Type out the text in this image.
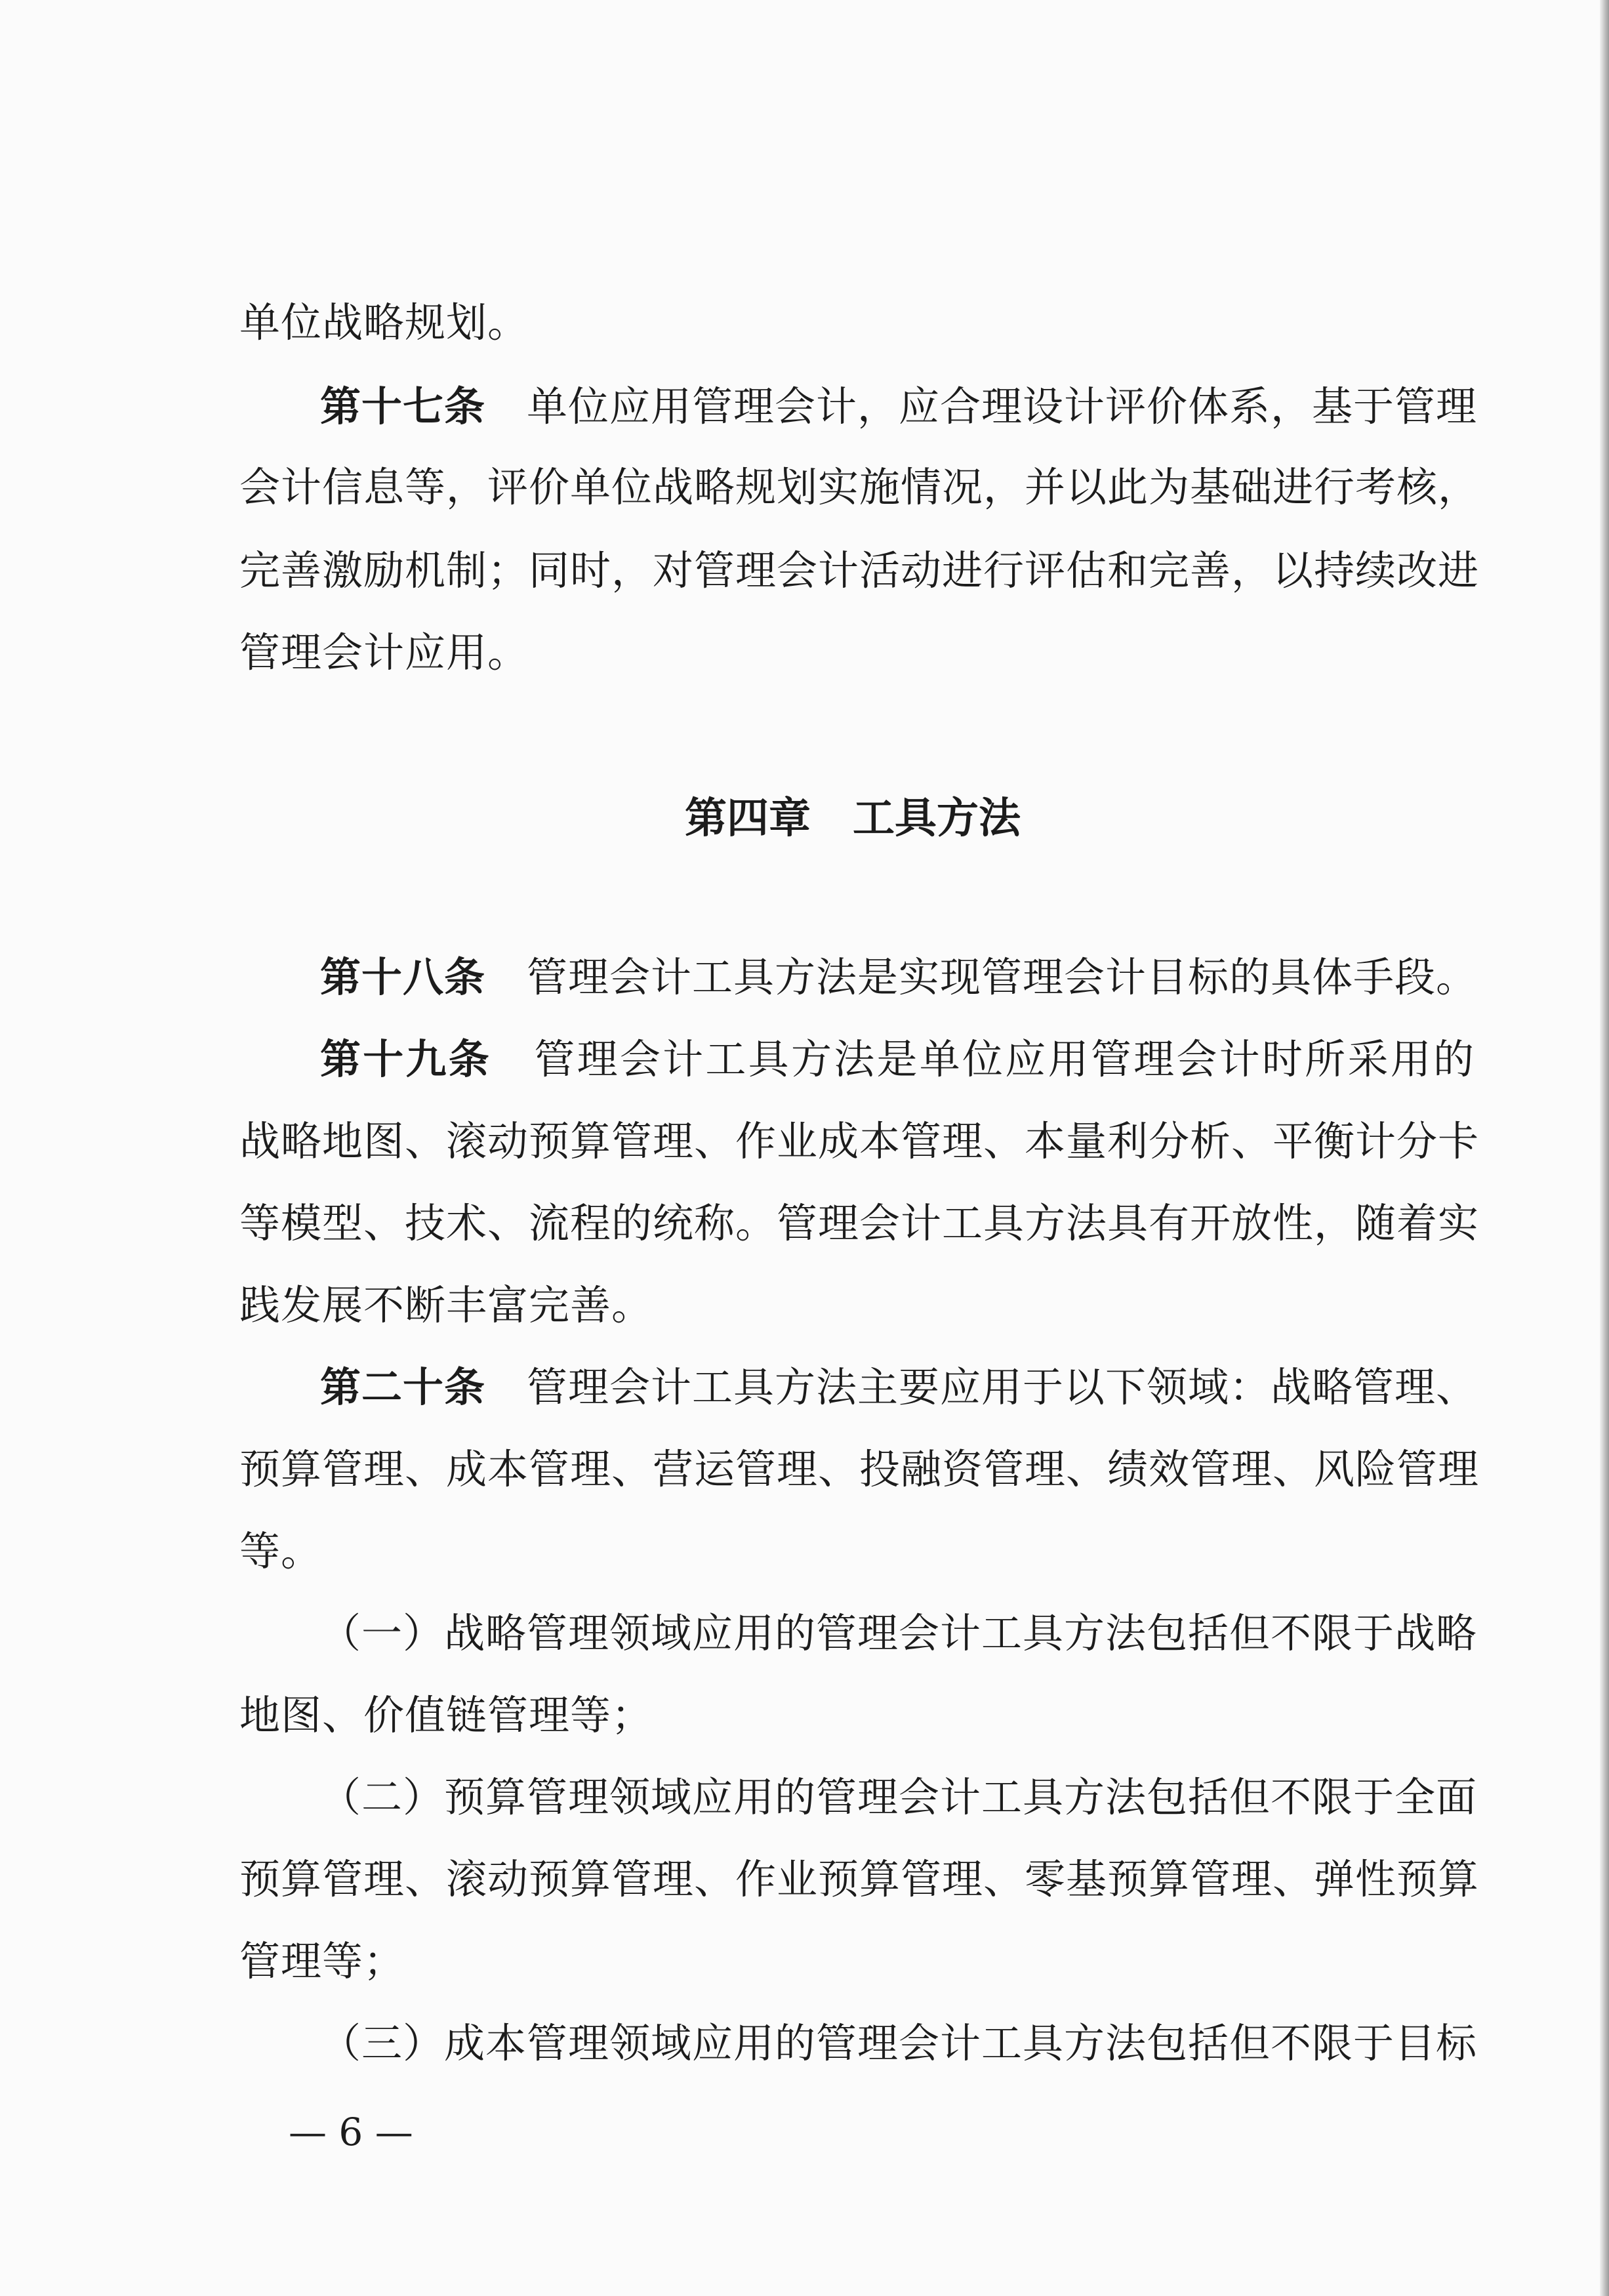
单位战略规划。
第十七条　单位应用管理会计，应合理设计评价体系，基于管理
会计信息等，评价单位战略规划实施情况，并以此为基础进行考核，
完善激励机制；同时，对管理会计活动进行评估和完善，以持续改进
管理会计应用。
第十八条　管理会计工具方法是实现管理会计目标的具体手段。
第十九条　管理会计工具方法是单位应用管理会计时所采用的
战略地图、滚动预算管理、作业成本管理、本量利分析、平衡计分卡
等模型、技术、流程的统称。管理会计工具方法具有开放性，随着实
践发展不断丰富完善。
第二十条　管理会计工具方法主要应用于以下领域：战略管理、
预算管理、成本管理、营运管理、投融资管理、绩效管理、风险管理
等。
（一）战略管理领域应用的管理会计工具方法包括但不限于战略
地图、价值链管理等；
（二）预算管理领域应用的管理会计工具方法包括但不限于全面
预算管理、滚动预算管理、作业预算管理、零基预算管理、弹性预算
管理等；
（三）成本管理领域应用的管理会计工具方法包括但不限于目标
第四章　工具方法
— 6 —
